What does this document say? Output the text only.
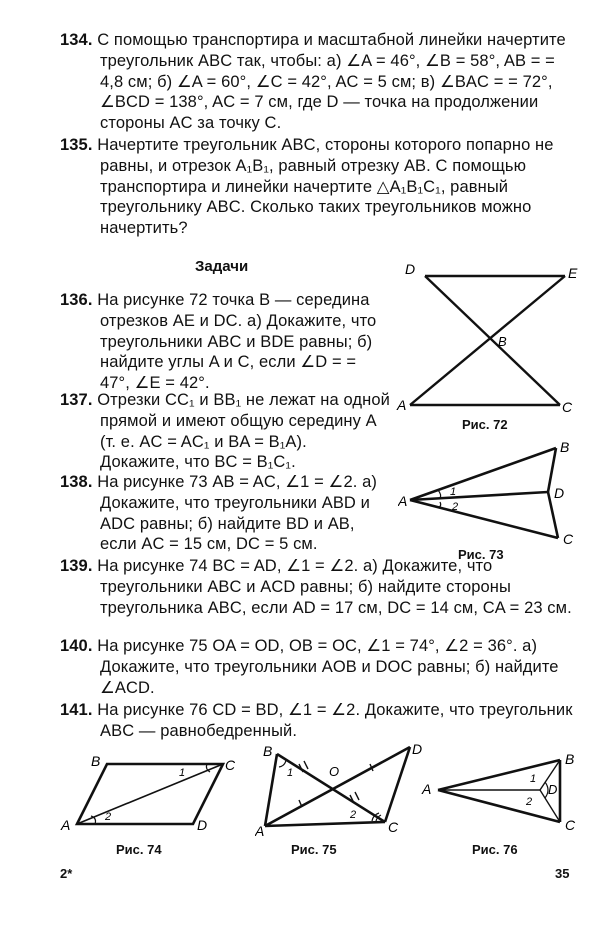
134. С помощью транспортира и масштабной линейки начертите треугольник ABC так, чтобы: а) ∠A = 46°, ∠B = 58°, AB = = 4,8 см; б) ∠A = 60°, ∠C = 42°, AC = 5 см; в) ∠BAC = = 72°, ∠BCD = 138°, AC = 7 см, где D — точка на продолжении стороны AC за точку C.
135. Начертите треугольник ABC, стороны которого попарно не равны, и отрезок A₁B₁, равный отрезку AB. С помощью транспортира и линейки начертите △A₁B₁C₁, равный треугольнику ABC. Сколько таких треугольников можно начертить?
Задачи
136. На рисунке 72 точка B — середина отрезков AE и DC. а) Докажите, что треугольники ABC и BDE равны; б) найдите углы A и C, если ∠D = = 47°, ∠E = 42°.
137. Отрезки CC₁ и BB₁ не лежат на одной прямой и имеют общую середину A (т. е. AC = AC₁ и BA = B₁A). Докажите, что BC = B₁C₁.
138. На рисунке 73 AB = AC, ∠1 = ∠2. а) Докажите, что треугольники ABD и ADC равны; б) найдите BD и AB, если AC = 15 см, DC = 5 см.
139. На рисунке 74 BC = AD, ∠1 = ∠2. а) Докажите, что треугольники ABC и ACD равны; б) найдите стороны треугольника ABC, если AD = 17 см, DC = 14 см, CA = 23 см.
140. На рисунке 75 OA = OD, OB = OC, ∠1 = 74°, ∠2 = 36°. а) Докажите, что треугольники AOB и DOC равны; б) найдите ∠ACD.
141. На рисунке 76 CD = BD, ∠1 = ∠2. Докажите, что треугольник ABC — равнобедренный.
D	E
B
A	C
Рис. 72
A
B
D
C
1
2
Рис. 73
B	C
A	D
1
2
Рис. 74
B	D
O
A	C
1
2
Рис. 75
A
B
C
D
1
2
Рис. 76
2*	35
